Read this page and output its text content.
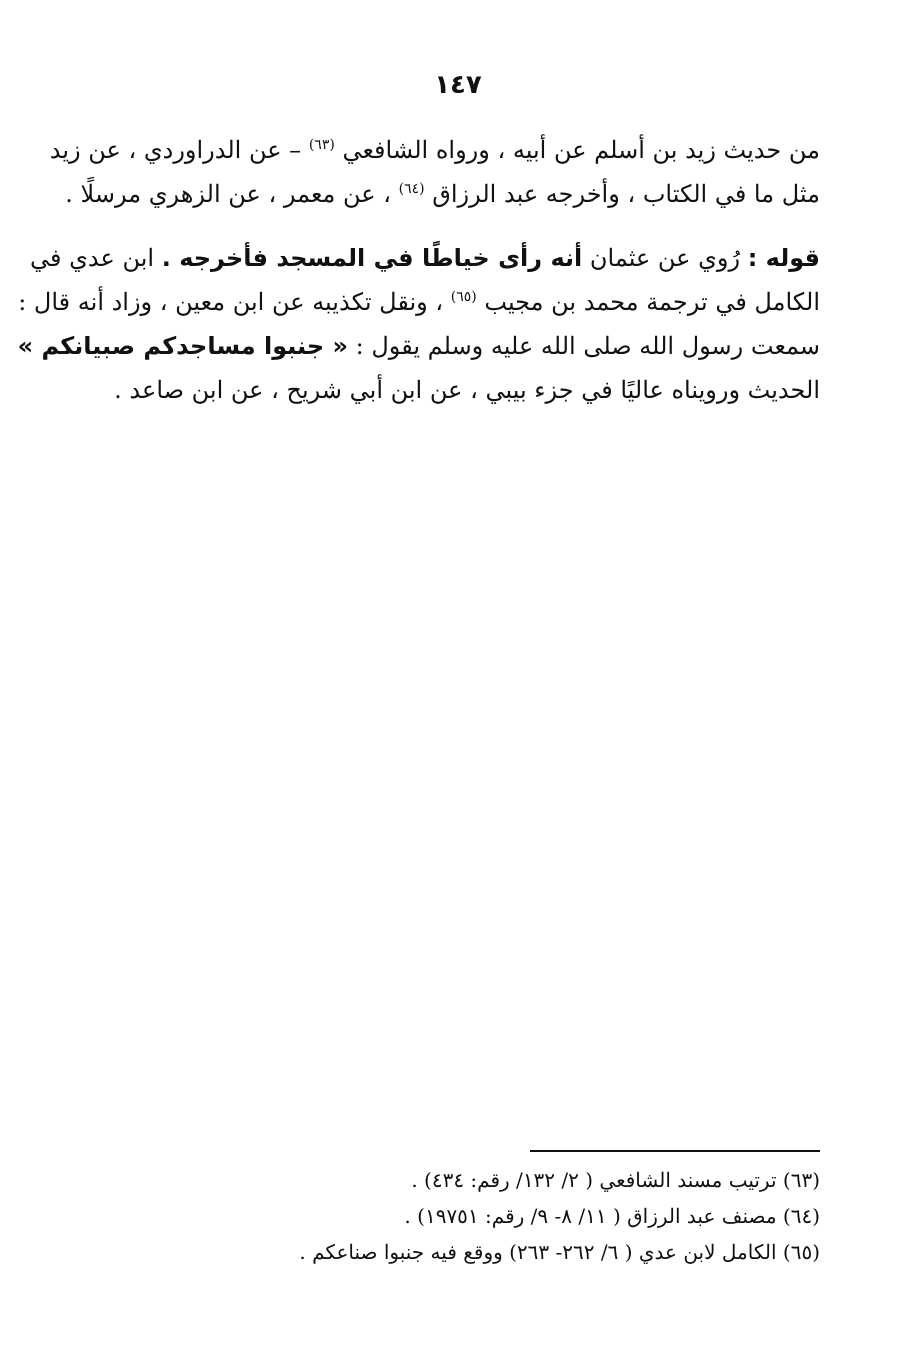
١٤٧
من حديث زيد بن أسلم عن أبيه ، ورواه الشافعي $^{(٦٣)}$ – عن الدراوردي ، عن زيد
مثل ما في الكتاب ، وأخرجه عبد الرزاق $^{(٦٤)}$ ، عن معمر ، عن الزهري مرسلًا .
قوله : رُوي عن عثمان أنه رأى خياطًا في المسجد فأخرجه . ابن عدي في
الكامل في ترجمة محمد بن مجيب $^{(٦٥)}$ ، ونقل تكذيبه عن ابن معين ، وزاد أنه قال :
سمعت رسول الله صلى الله عليه وسلم يقول : « جنبوا مساجدكم صبيانكم »
الحديث ورويناه عاليًا في جزء بيبي ، عن ابن أبي شريح ، عن ابن صاعد .
(٦٣) ترتيب مسند الشافعي ( ٢/ ١٣٢/ رقم: ٤٣٤) .
(٦٤) مصنف عبد الرزاق ( ١١/ ٨- ٩/ رقم: ١٩٧٥١) .
(٦٥) الكامل لابن عدي ( ٦/ ٢٦٢- ٢٦٣) ووقع فيه جنبوا صناعكم .
